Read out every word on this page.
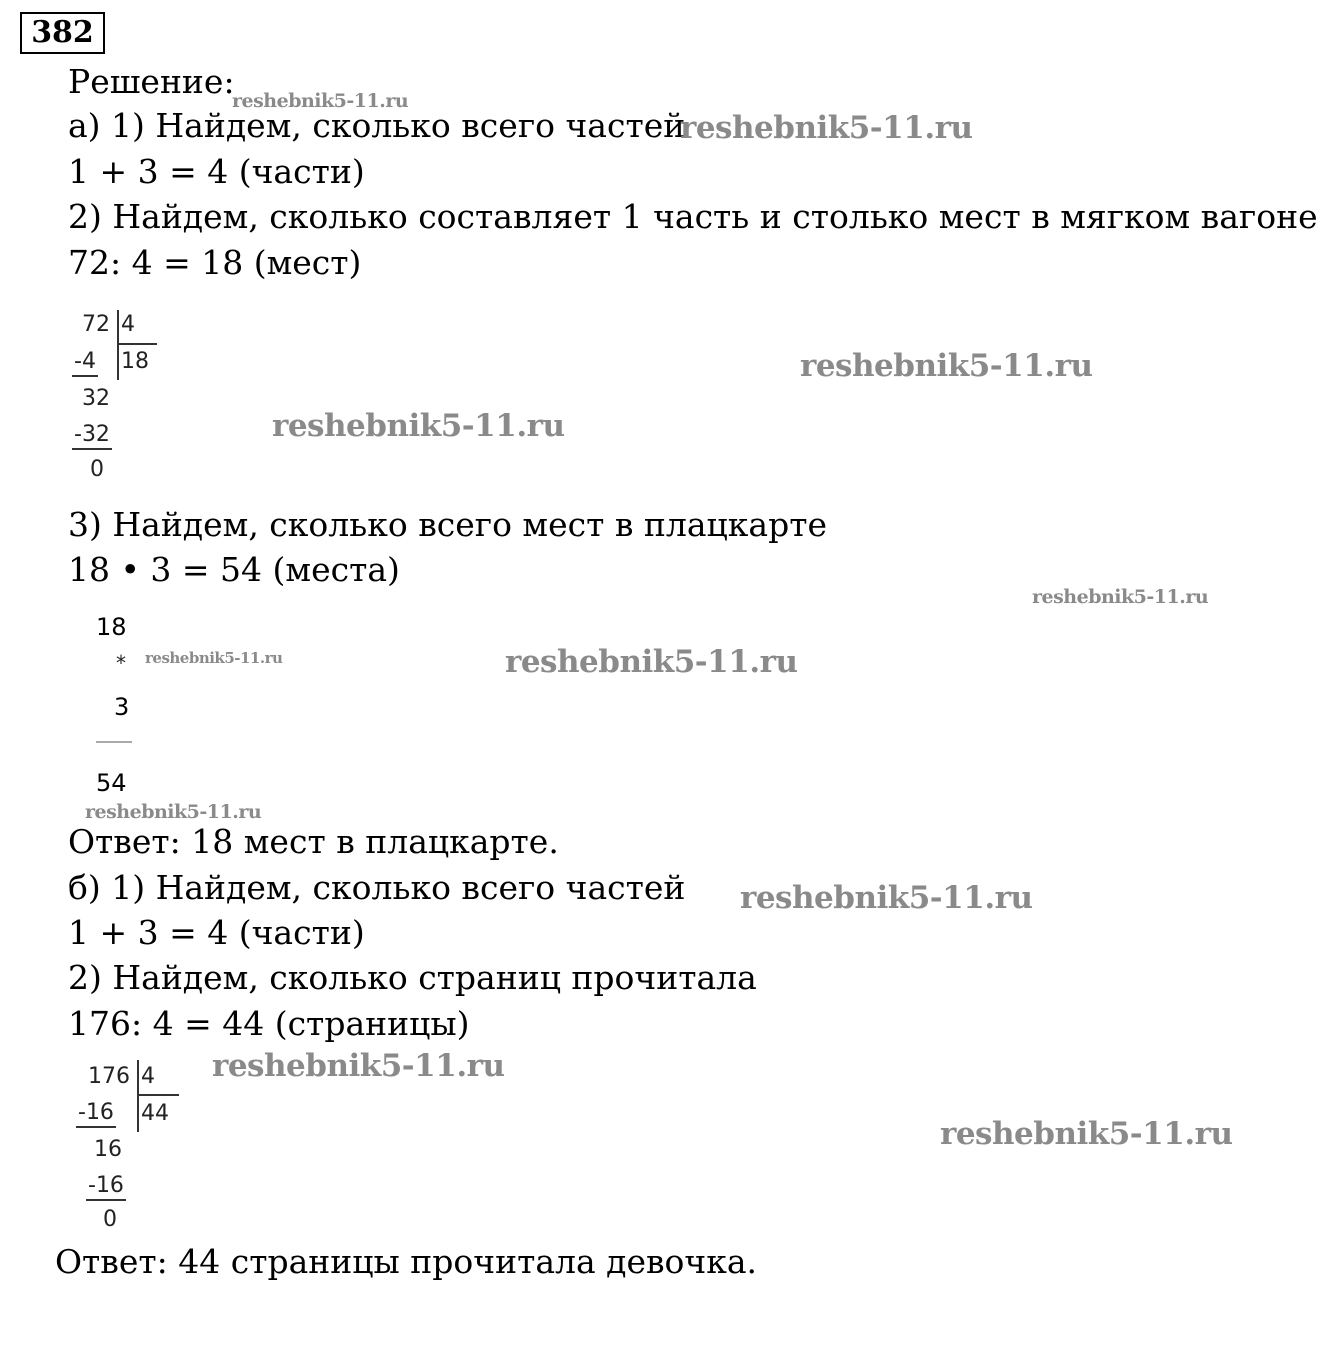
382
Решение:
а) 1) Найдем, сколько всего частей
1 + 3 = 4 (части)
2) Найдем, сколько составляет 1 часть и столько мест в мягком вагоне
72: 4 = 18 (мест)
72 4
18
-4
32
-32
0
3) Найдем, сколько всего мест в плацкарте
18 • 3 = 54 (места)
18
*
3
54
Ответ: 18 мест в плацкарте.
б) 1) Найдем, сколько всего частей
1 + 3 = 4 (части)
2) Найдем, сколько страниц прочитала
176: 4 = 44 (страницы)
176 4
44
-16
16
-16
0
Ответ: 44 страницы прочитала девочка.
reshebnik5-11.ru
reshebnik5-11.ru
reshebnik5-11.ru
reshebnik5-11.ru
reshebnik5-11.ru
reshebnik5-11.ru	reshebnik5-11.ru
reshebnik5-11.ru
reshebnik5-11.ru
reshebnik5-11.ru
reshebnik5-11.ru
